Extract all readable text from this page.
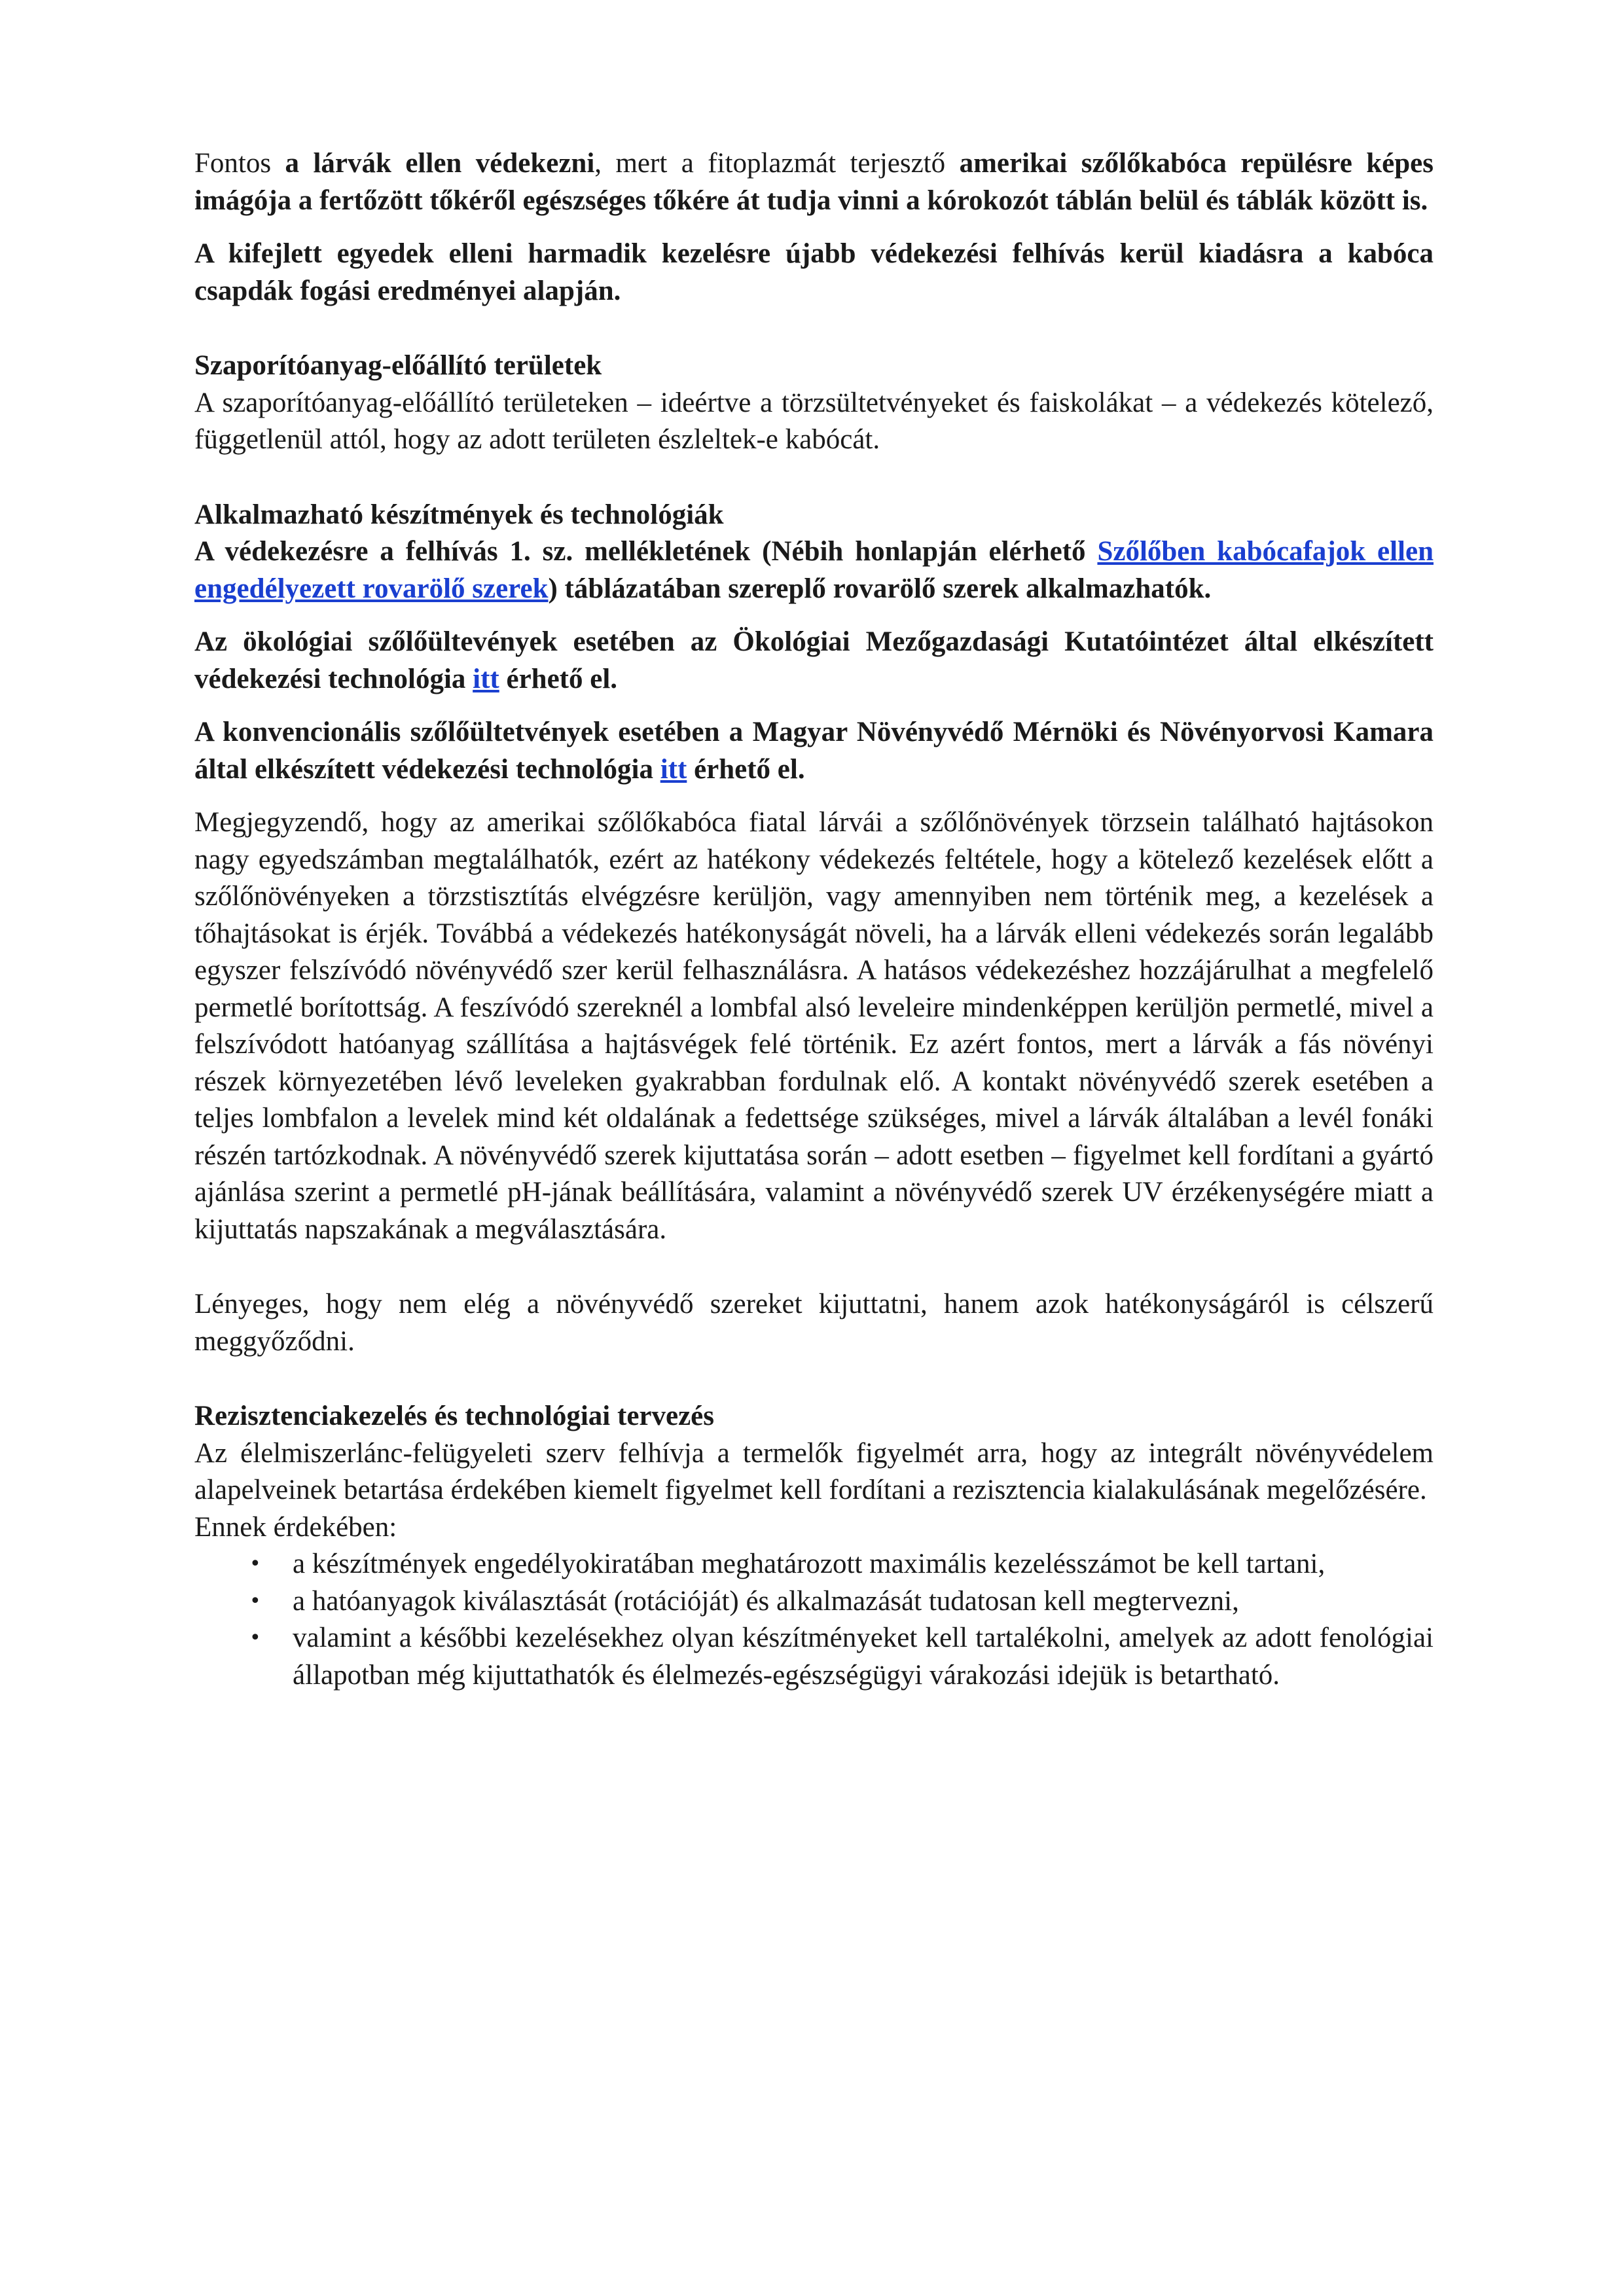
Fontos a lárvák ellen védekezni, mert a fitoplazmát terjesztő amerikai szőlőkabóca repülésre képes imágója a fertőzött tőkéről egészséges tőkére át tudja vinni a kórokozót táblán belül és táblák között is.

A kifejlett egyedek elleni harmadik kezelésre újabb védekezési felhívás kerül kiadásra a kabóca csapdák fogási eredményei alapján.

Szaporítóanyag-előállító területek

A szaporítóanyag-előállító területeken – ideértve a törzsültetvényeket és faiskolákat – a védekezés kötelező, függetlenül attól, hogy az adott területen észleltek-e kabócát.

Alkalmazható készítmények és technológiák

A védekezésre a felhívás 1. sz. mellékletének (Nébih honlapján elérhető Szőlőben kabócafajok ellen engedélyezett rovarölő szerek) táblázatában szereplő rovarölő szerek alkalmazhatók.

Az ökológiai szőlőültevények esetében az Ökológiai Mezőgazdasági Kutatóintézet által elkészített védekezési technológia itt érhető el.

A konvencionális szőlőültetvények esetében a Magyar Növényvédő Mérnöki és Növényorvosi Kamara által elkészített védekezési technológia itt érhető el.

Megjegyzendő, hogy az amerikai szőlőkabóca fiatal lárvái a szőlőnövények törzsein található hajtásokon nagy egyedszámban megtalálhatók, ezért az hatékony védekezés feltétele, hogy a kötelező kezelések előtt a szőlőnövényeken a törzstisztítás elvégzésre kerüljön, vagy amennyiben nem történik meg, a kezelések a tőhajtásokat is érjék. Továbbá a védekezés hatékonyságát növeli, ha a lárvák elleni védekezés során legalább egyszer felszívódó növényvédő szer kerül felhasználásra. A hatásos védekezéshez hozzájárulhat a megfelelő permetlé borítottság. A feszívódó szereknél a lombfal alsó leveleire mindenképpen kerüljön permetlé, mivel a felszívódott hatóanyag szállítása a hajtásvégek felé történik. Ez azért fontos, mert a lárvák a fás növényi részek környezetében lévő leveleken gyakrabban fordulnak elő. A kontakt növényvédő szerek esetében a teljes lombfalon a levelek mind két oldalának a fedettsége szükséges, mivel a lárvák általában a levél fonáki részén tartózkodnak. A növényvédő szerek kijuttatása során – adott esetben – figyelmet kell fordítani a gyártó ajánlása szerint a permetlé pH-jának beállítására, valamint a növényvédő szerek UV érzékenységére miatt a kijuttatás napszakának a megválasztására.

Lényeges, hogy nem elég a növényvédő szereket kijuttatni, hanem azok hatékonyságáról is célszerű meggyőződni.

Rezisztenciakezelés és technológiai tervezés

Az élelmiszerlánc-felügyeleti szerv felhívja a termelők figyelmét arra, hogy az integrált növényvédelem alapelveinek betartása érdekében kiemelt figyelmet kell fordítani a rezisztencia kialakulásának megelőzésére.

Ennek érdekében:

• a készítmények engedélyokiratában meghatározott maximális kezelésszámot be kell tartani,
• a hatóanyagok kiválasztását (rotációját) és alkalmazását tudatosan kell megtervezni,
• valamint a későbbi kezelésekhez olyan készítményeket kell tartalékolni, amelyek az adott fenológiai állapotban még kijuttathatók és élelmezés-egészségügyi várakozási idejük is betartható.
